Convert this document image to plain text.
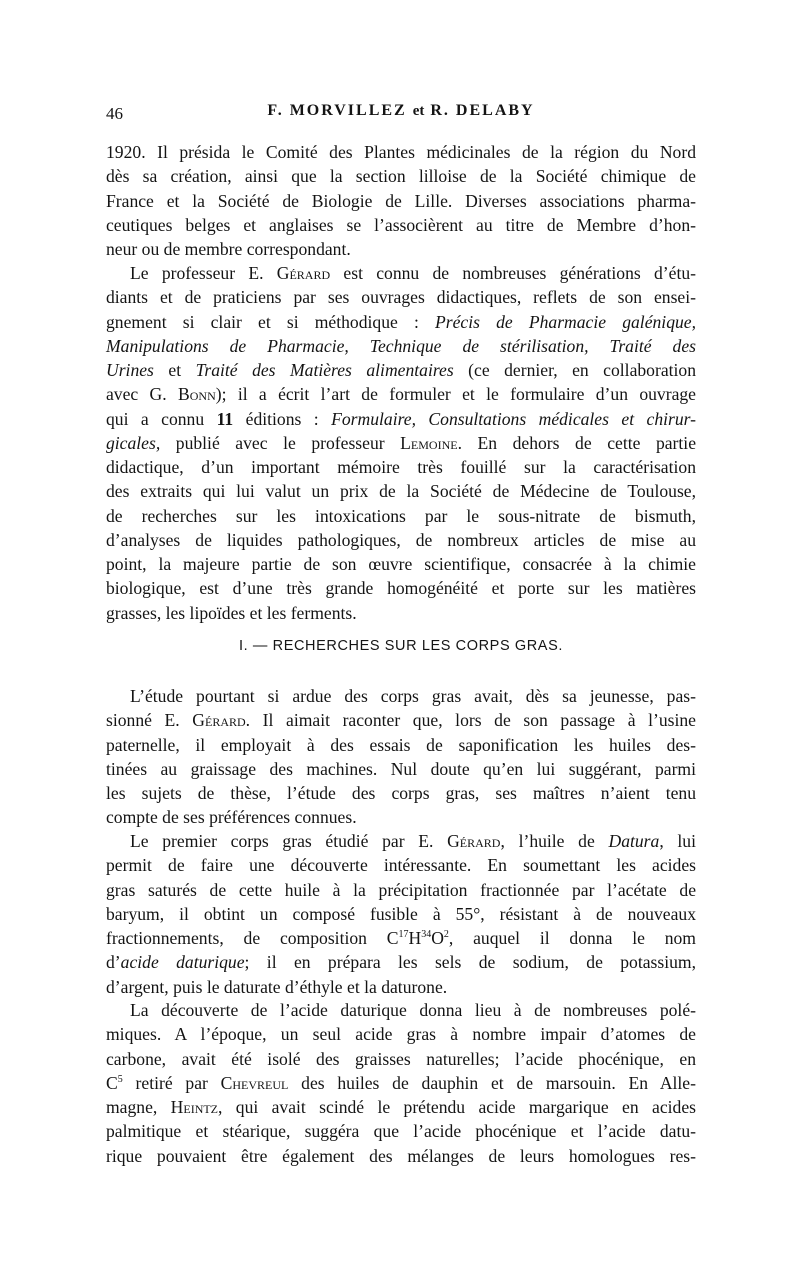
46	F. MORVILLEZ et R. DELABY
1920. Il présida le Comité des Plantes médicinales de la région du Nord
dès sa création, ainsi que la section lilloise de la Société chimique de
France et la Société de Biologie de Lille. Diverses associations pharma-
ceutiques belges et anglaises se l’associèrent au titre de Membre d’hon-
neur ou de membre correspondant.
Le professeur E. Gérard est connu de nombreuses générations d’étu-
diants et de praticiens par ses ouvrages didactiques, reflets de son ensei-
gnement si clair et si méthodique : Précis de Pharmacie galénique,
Manipulations de Pharmacie, Technique de stérilisation, Traité des
Urines et Traité des Matières alimentaires (ce dernier, en collaboration
avec G. Bonn); il a écrit l’art de formuler et le formulaire d’un ouvrage
qui a connu 11 éditions : Formulaire, Consultations médicales et chirur-
gicales, publié avec le professeur Lemoine. En dehors de cette partie
didactique, d’un important mémoire très fouillé sur la caractérisation
des extraits qui lui valut un prix de la Société de Médecine de Toulouse,
de recherches sur les intoxications par le sous-nitrate de bismuth,
d’analyses de liquides pathologiques, de nombreux articles de mise au
point, la majeure partie de son œuvre scientifique, consacrée à la chimie
biologique, est d’une très grande homogénéité et porte sur les matières
grasses, les lipoïdes et les ferments.
I. — RECHERCHES SUR LES CORPS GRAS.
L’étude pourtant si ardue des corps gras avait, dès sa jeunesse, pas-
sionné E. Gérard. Il aimait raconter que, lors de son passage à l’usine
paternelle, il employait à des essais de saponification les huiles des-
tinées au graissage des machines. Nul doute qu’en lui suggérant, parmi
les sujets de thèse, l’étude des corps gras, ses maîtres n’aient tenu
compte de ses préférences connues.
Le premier corps gras étudié par E. Gérard, l’huile de Datura, lui
permit de faire une découverte intéressante. En soumettant les acides
gras saturés de cette huile à la précipitation fractionnée par l’acétate de
baryum, il obtint un composé fusible à 55°, résistant à de nouveaux
fractionnements, de composition $C^{17}H^{34}O^2$, auquel il donna le nom
d’acide daturique; il en prépara les sels de sodium, de potassium,
d’argent, puis le daturate d’éthyle et la daturone.
La découverte de l’acide daturique donna lieu à de nombreuses polé-
miques. A l’époque, un seul acide gras à nombre impair d’atomes de
carbone, avait été isolé des graisses naturelles; l’acide phocénique, en
$C^5$ retiré par Chevreul des huiles de dauphin et de marsouin. En Alle-
magne, Heintz, qui avait scindé le prétendu acide margarique en acides
palmitique et stéarique, suggéra que l’acide phocénique et l’acide datu-
rique pouvaient être également des mélanges de leurs homologues res-
